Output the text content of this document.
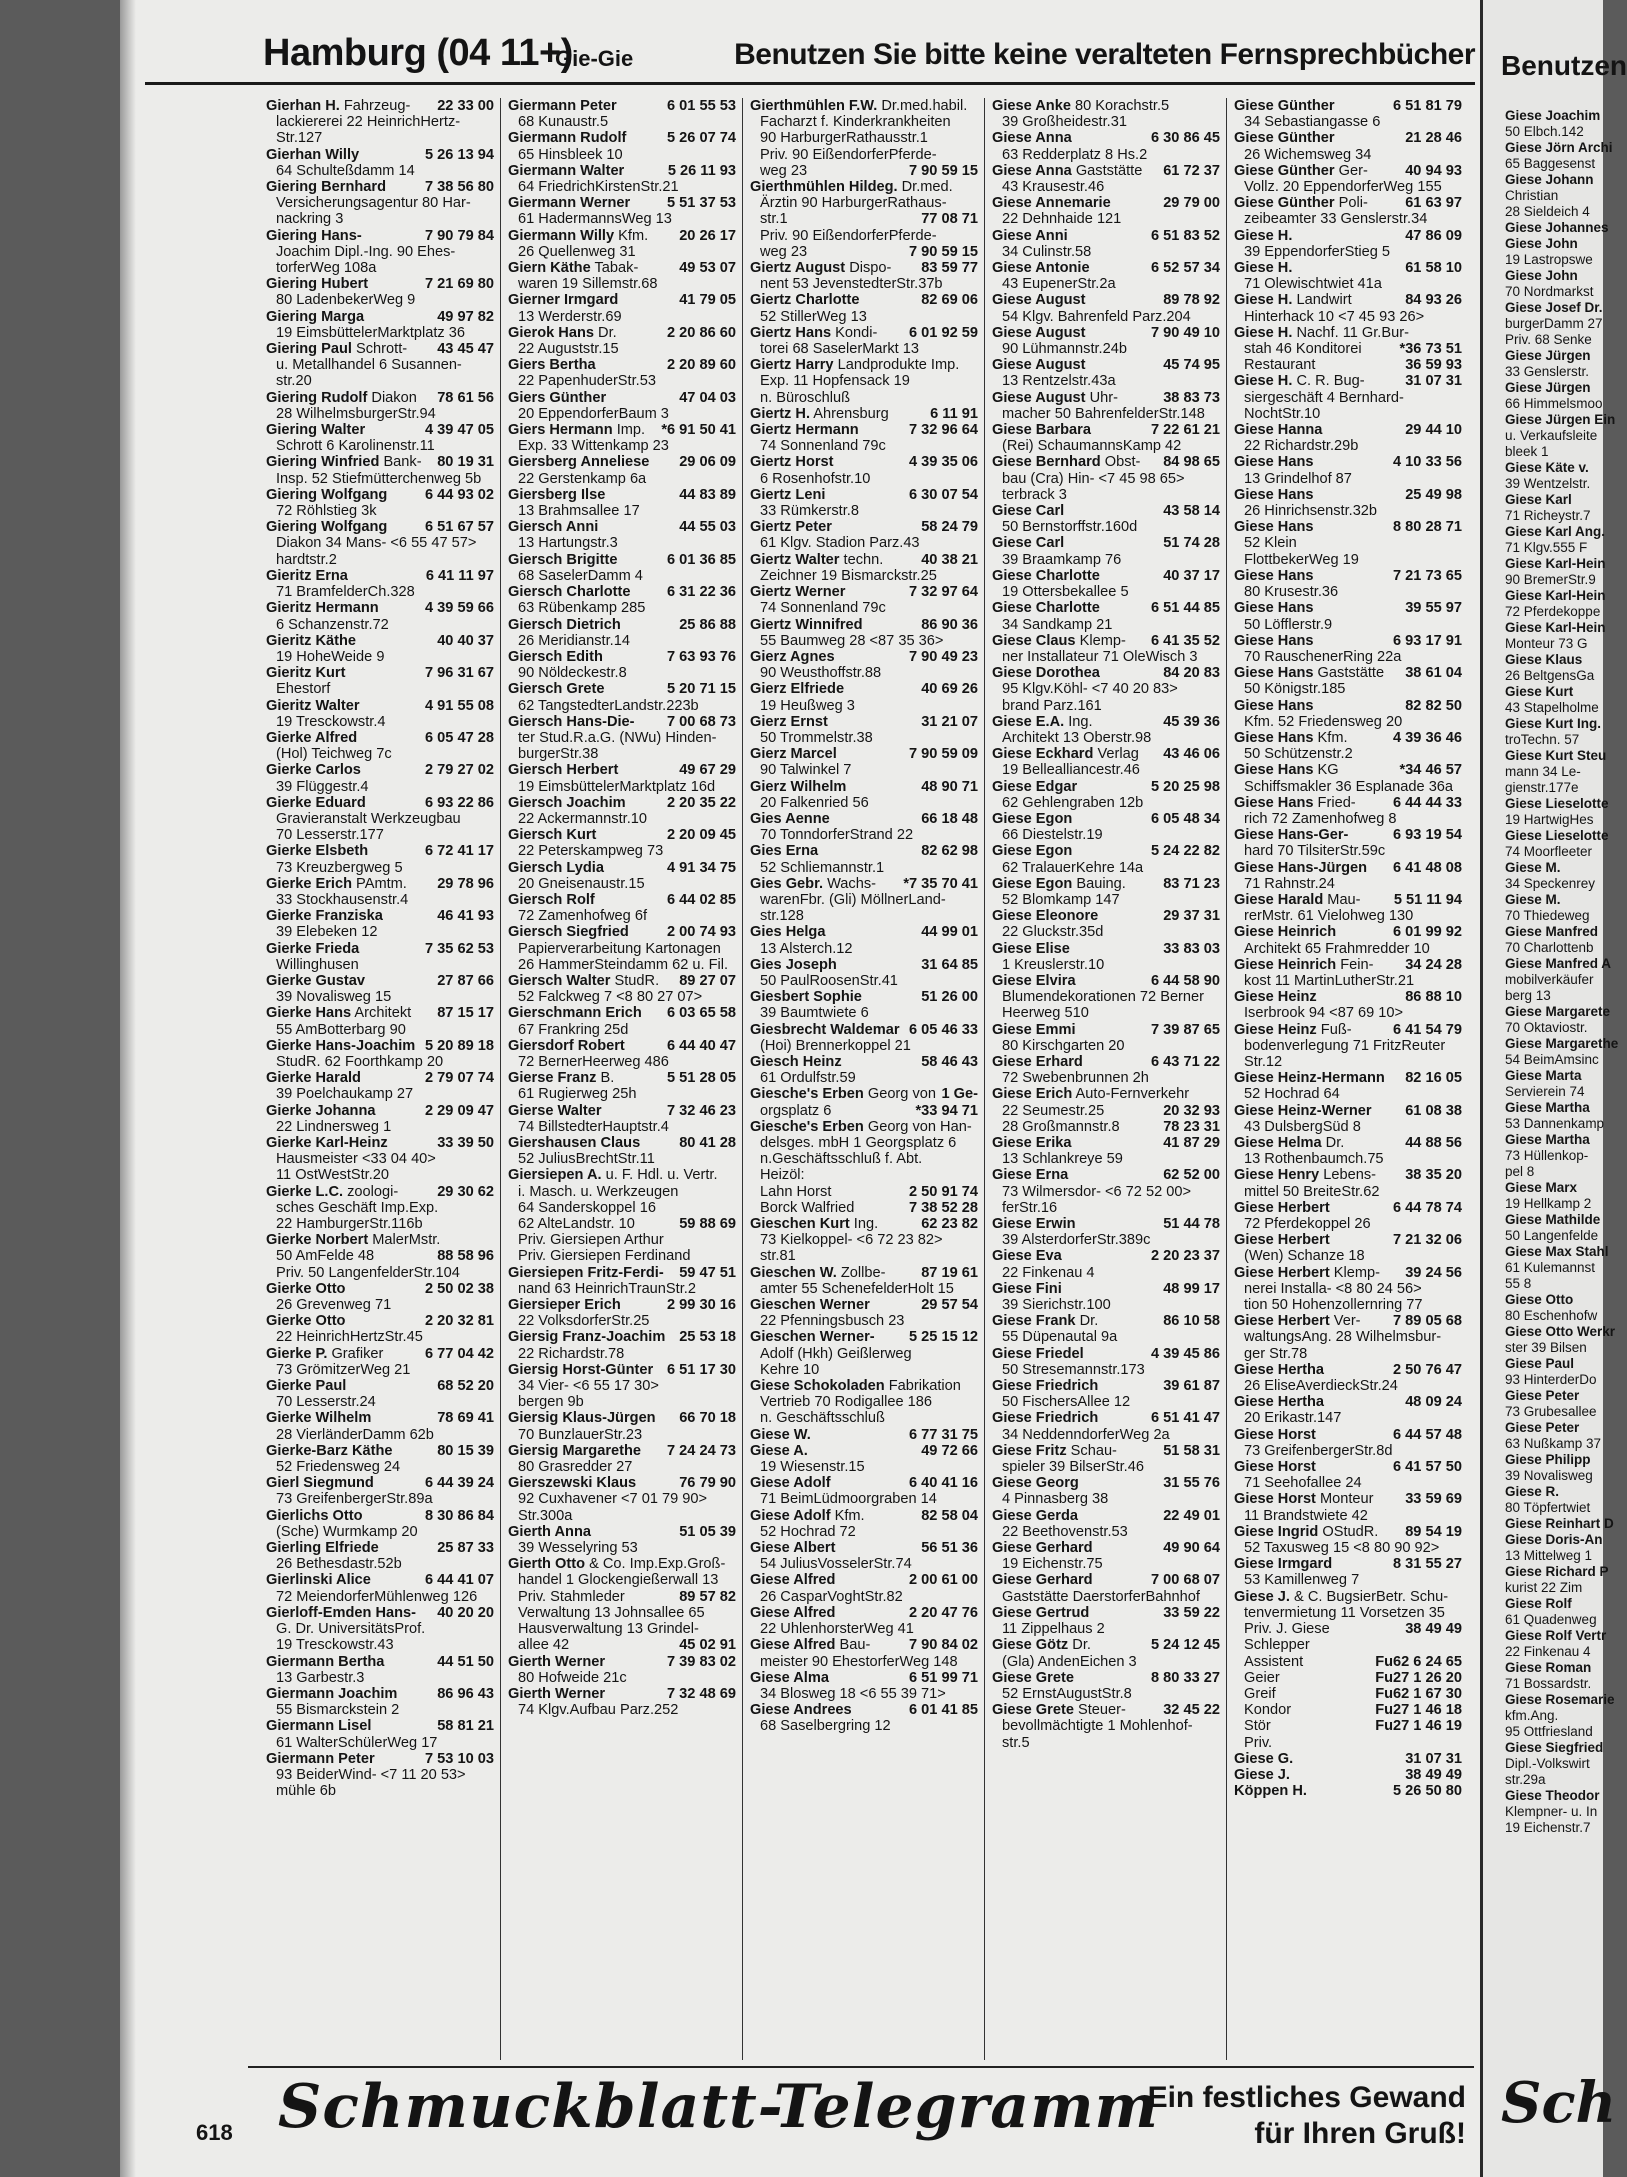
Hamburg (04 11+)
Gie-Gie	Benutzen Sie bitte keine veralteten Fernsprechbücher
Gierhan H. Fahrzeug- 22 33 00
lackiererei 22 HeinrichHertz-
Str.127
Gierhan Willy	5 26 13 94
64 Schulteßdamm 14
Giering Bernhard	7 38 56 80
Versicherungsagentur 80 Har-
nackring 3
Giering Hans-	7 90 79 84
Joachim Dipl.-Ing. 90 Ehes-
torferWeg 108a
Giering Hubert	7 21 69 80
80 LadenbekerWeg 9
Giering Marga	49 97 82
19 EimsbüttelerMarktplatz 36
Giering Paul Schrott- 43 45 47
u. Metallhandel 6 Susannen-
str.20
Giering Rudolf Diakon 78 61 56
28 WilhelmsburgerStr.94
Giering Walter	4 39 47 05
Schrott 6 Karolinenstr.11
Giering Winfried Bank- 80 19 31
Insp. 52 Stiefmütterchenweg 5b
Giering Wolfgang	6 44 93 02
72 Röhlstieg 3k
Giering Wolfgang	6 51 67 57
Diakon 34 Mans- <6 55 47 57>
hardtstr.2
Gieritz Erna	6 41 11 97
71 BramfelderCh.328
Gieritz Hermann	4 39 59 66
6 Schanzenstr.72
Gieritz Käthe	40 40 37
19 HoheWeide 9
Gieritz Kurt	7 96 31 67
Ehestorf
Gieritz Walter	4 91 55 08
19 Tresckowstr.4
Gierke Alfred	6 05 47 28
(Hol) Teichweg 7c
Gierke Carlos	2 79 27 02
39 Flüggestr.4
Gierke Eduard	6 93 22 86
Gravieranstalt Werkzeugbau
70 Lesserstr.177
Gierke Elsbeth	6 72 41 17
73 Kreuzbergweg 5
Gierke Erich PAmtm. 29 78 96
33 Stockhausenstr.4
Gierke Franziska	46 41 93
39 Elebeken 12
Gierke Frieda	7 35 62 53
Willinghusen
Gierke Gustav	27 87 66
39 Novalisweg 15
Gierke Hans Architekt 87 15 17
55 AmBotterbarg 90
Gierke Hans-Joachim 5 20 89 18
StudR. 62 Foorthkamp 20
Gierke Harald	2 79 07 74
39 Poelchaukamp 27
Gierke Johanna	2 29 09 47
22 Lindnersweg 1
Gierke Karl-Heinz	33 39 50
Hausmeister <33 04 40>
11 OstWestStr.20
Gierke L.C. zoologi-	29 30 62
sches Geschäft Imp.Exp.
22 HamburgerStr.116b
Gierke Norbert MalerMstr.
50 AmFelde 48	88 58 96
Priv. 50 LangenfelderStr.104
Gierke Otto	2 50 02 38
26 Grevenweg 71
Gierke Otto	2 20 32 81
22 HeinrichHertzStr.45
Gierke P. Grafiker	6 77 04 42
73 GrömitzerWeg 21
Gierke Paul	68 52 20
70 Lesserstr.24
Gierke Wilhelm	78 69 41
28 VierländerDamm 62b
Gierke-Barz Käthe	80 15 39
52 Friedensweg 24
Gierl Siegmund	6 44 39 24
73 GreifenbergerStr.89a
Gierlichs Otto	8 30 86 84
(Sche) Wurmkamp 20
Gierling Elfriede	25 87 33
26 Bethesdastr.52b
Gierlinski Alice	6 44 41 07
72 MeiendorferMühlenweg 126
Gierloff-Emden Hans- 40 20 20
G. Dr. UniversitätsProf.
19 Tresckowstr.43
Giermann Bertha	44 51 50
13 Garbestr.3
Giermann Joachim	86 96 43
55 Bismarckstein 2
Giermann Lisel	58 81 21
61 WalterSchülerWeg 17
Giermann Peter	7 53 10 03
93 BeiderWind- <7 11 20 53>
mühle 6b
Giermann Peter	6 01 55 53
68 Kunaustr.5
Giermann Rudolf	5 26 07 74
65 Hinsbleek 10
Giermann Walter	5 26 11 93
64 FriedrichKirstenStr.21
Giermann Werner	5 51 37 53
61 HadermannsWeg 13
Giermann Willy Kfm. 20 26 17
26 Quellenweg 31
Giern Käthe Tabak-	49 53 07
waren 19 Sillemstr.68
Gierner Irmgard	41 79 05
13 Werderstr.69
Gierok Hans Dr.	2 20 86 60
22 Auguststr.15
Giers Bertha	2 20 89 60
22 PapenhuderStr.53
Giers Günther	47 04 03
20 EppendorferBaum 3
Giers Hermann Imp. *6 91 50 41
Exp. 33 Wittenkamp 23
Giersberg Anneliese 29 06 09
22 Gerstenkamp 6a
Giersberg Ilse	44 83 89
13 Brahmsallee 17
Giersch Anni	44 55 03
13 Hartungstr.3
Giersch Brigitte	6 01 36 85
68 SaselerDamm 4
Giersch Charlotte	6 31 22 36
63 Rübenkamp 285
Giersch Dietrich	25 86 88
26 Meridianstr.14
Giersch Edith	7 63 93 76
90 Nöldeckestr.8
Giersch Grete	5 20 71 15
62 TangstedterLandstr.223b
Giersch Hans-Die- 7 00 68 73
ter Stud.R.a.G. (NWu) Hinden-
burgerStr.38
Giersch Herbert	49 67 29
19 EimsbüttelerMarktplatz 16d
Giersch Joachim	2 20 35 22
22 Ackermannstr.10
Giersch Kurt	2 20 09 45
22 Peterskampweg 73
Giersch Lydia	4 91 34 75
20 Gneisenaustr.15
Giersch Rolf	6 44 02 85
72 Zamenhofweg 6f
Giersch Siegfried	2 00 74 93
Papierverarbeitung Kartonagen
26 HammerSteindamm 62 u. Fil.
Giersch Walter StudR. 89 27 07
52 Falckweg 7 <8 80 27 07>
Gierschmann Erich 6 03 65 58
67 Frankring 25d
Giersdorf Robert	6 44 40 47
72 BernerHeerweg 486
Gierse Franz B.	5 51 28 05
61 Rugierweg 25h
Gierse Walter	7 32 46 23
74 BillstedterHauptstr.4
Giershausen Claus	80 41 28
52 JuliusBrechtStr.11
Giersiepen A. u. F. Hdl. u. Vertr.
i. Masch. u. Werkzeugen
64 Sanderskoppel 16
62 AlteLandstr. 10	59 88 69
Priv. Giersiepen Arthur
Priv. Giersiepen Ferdinand
Giersiepen Fritz-Ferdi- 59 47 51
nand 63 HeinrichTraunStr.2
Giersieper Erich	2 99 30 16
22 VolksdorferStr.25
Giersig Franz-Joachim 25 53 18
22 Richardstr.78
Giersig Horst-Günter 6 51 17 30
34 Vier- <6 55 17 30>
bergen 9b
Giersig Klaus-Jürgen 66 70 18
70 BunzlauerStr.23
Giersig Margarethe 7 24 24 73
80 Grasredder 27
Gierszewski Klaus	76 79 90
92 Cuxhavener <7 01 79 90>
Str.300a
Gierth Anna	51 05 39
39 Wesselyring 53
Gierth Otto & Co. Imp.Exp.Groß-
handel 1 Glockengießerwall 13
Priv. Stahmleder	89 57 82
Verwaltung 13 Johnsallee 65
Hausverwaltung 13 Grindel-
allee 42	45 02 91
Gierth Werner	7 39 83 02
80 Hofweide 21c
Gierth Werner	7 32 48 69
74 Klgv.Aufbau Parz.252
Gierthmühlen F.W. Dr.med.habil.
Facharzt f. Kinderkrankheiten
90 HarburgerRathausstr.1
Priv. 90 EißendorferPferde-
weg 23	7 90 59 15
Gierthmühlen Hildeg. Dr.med.
Ärztin 90 HarburgerRathaus-
str.1	77 08 71
Priv. 90 EißendorferPferde-
weg 23	7 90 59 15
Giertz August Dispo- 83 59 77
nent 53 JevenstedterStr.37b
Giertz Charlotte	82 69 06
52 StillerWeg 13
Giertz Hans Kondi- 6 01 92 59
torei 68 SaselerMarkt 13
Giertz Harry Landprodukte Imp.
Exp. 11 Hopfensack 19
n. Büroschluß
Giertz H. Ahrensburg	6 11 91
Giertz Hermann	7 32 96 64
74 Sonnenland 79c
Giertz Horst	4 39 35 06
6 Rosenhofstr.10
Giertz Leni	6 30 07 54
33 Rümkerstr.8
Giertz Peter	58 24 79
61 Klgv. Stadion Parz.43
Giertz Walter techn.	40 38 21
Zeichner 19 Bismarckstr.25
Giertz Werner	7 32 97 64
74 Sonnenland 79c
Giertz Winnifred	86 90 36
55 Baumweg 28 <87 35 36>
Gierz Agnes	7 90 49 23
90 Weusthoffstr.88
Gierz Elfriede	40 69 26
19 Heußweg 3
Gierz Ernst	31 21 07
50 Trommelstr.38
Gierz Marcel	7 90 59 09
90 Talwinkel 7
Gierz Wilhelm	48 90 71
20 Falkenried 56
Gies Aenne	66 18 48
70 TonndorferStrand 22
Gies Erna	82 62 98
52 Schliemannstr.1
Gies Gebr. Wachs- *7 35 70 41
warenFbr. (Gli) MöllnerLand-
str.128
Gies Helga	44 99 01
13 Alsterch.12
Gies Joseph	31 64 85
50 PaulRoosenStr.41
Giesbert Sophie	51 26 00
39 Baumtwiete 6
Giesbrecht Waldemar 6 05 46 33
(Hoi) Brennerkoppel 21
Giesch Heinz	58 46 43
61 Ordulfstr.59
Giesche's Erben Georg von 1 Ge-
orgsplatz 6	*33 94 71
Giesche's Erben Georg von Han-
delsges. mbH 1 Georgsplatz 6
n.Geschäftsschluß f. Abt.
Heizöl:
Lahn Horst	2 50 91 74
Borck Walfried	7 38 52 28
Gieschen Kurt Ing.	62 23 82
73 Kielkoppel- <6 72 23 82>
str.81
Gieschen W. Zollbe- 87 19 61
amter 55 SchenefelderHolt 15
Gieschen Werner	29 57 54
22 Pfenningsbusch 23
Gieschen Werner- 5 25 15 12
Adolf (Hkh) Geißlerweg
Kehre 10
Giese Schokoladen Fabrikation
Vertrieb 70 Rodigallee 186
n. Geschäftsschluß
Giese W.	6 77 31 75
Giese A.	49 72 66
19 Wiesenstr.15
Giese Adolf	6 40 41 16
71 BeimLüdmoorgraben 14
Giese Adolf Kfm.	82 58 04
52 Hochrad 72
Giese Albert	56 51 36
54 JuliusVosselerStr.74
Giese Alfred	2 00 61 00
26 CasparVoghtStr.82
Giese Alfred	2 20 47 76
22 UhlenhorsterWeg 41
Giese Alfred Bau-	7 90 84 02
meister 90 EhestorferWeg 148
Giese Alma	6 51 99 71
34 Blosweg 18 <6 55 39 71>
Giese Andrees	6 01 41 85
68 Saselbergring 12
Giese Anke 80 Korachstr.5
39 Großheidestr.31
Giese Anna	6 30 86 45
63 Redderplatz 8 Hs.2
Giese Anna Gaststätte 61 72 37
43 Krausestr.46
Giese Annemarie	29 79 00
22 Dehnhaide 121
Giese Anni	6 51 83 52
34 Culinstr.58
Giese Antonie	6 52 57 34
43 EupenerStr.2a
Giese August	89 78 92
54 Klgv. Bahrenfeld Parz.204
Giese August	7 90 49 10
90 Lühmannstr.24b
Giese August	45 74 95
13 Rentzelstr.43a
Giese August Uhr-	38 83 73
macher 50 BahrenfelderStr.148
Giese Barbara	7 22 61 21
(Rei) SchaumannsKamp 42
Giese Bernhard Obst- 84 98 65
bau (Cra) Hin- <7 45 98 65>
terbrack 3
Giese Carl	43 58 14
50 Bernstorffstr.160d
Giese Carl	51 74 28
39 Braamkamp 76
Giese Charlotte	40 37 17
19 Ottersbekallee 5
Giese Charlotte	6 51 44 85
34 Sandkamp 21
Giese Claus Klemp- 6 41 35 52
ner Installateur 71 OleWisch 3
Giese Dorothea	84 20 83
95 Klgv.Köhl- <7 40 20 83>
brand Parz.161
Giese E.A. Ing.	45 39 36
Architekt 13 Oberstr.98
Giese Eckhard Verlag 43 46 06
19 Bellealliancestr.46
Giese Edgar	5 20 25 98
62 Gehlengraben 12b
Giese Egon	6 05 48 34
66 Diestelstr.19
Giese Egon	5 24 22 82
62 TralauerKehre 14a
Giese Egon Bauing.	83 71 23
52 Blomkamp 147
Giese Eleonore	29 37 31
22 Gluckstr.35d
Giese Elise	33 83 03
1 Kreuslerstr.10
Giese Elvira	6 44 58 90
Blumendekorationen 72 Berner
Heerweg 510
Giese Emmi	7 39 87 65
80 Kirschgarten 20
Giese Erhard	6 43 71 22
72 Swebenbrunnen 2h
Giese Erich Auto-Fernverkehr
22 Seumestr.25	20 32 93
28 Großmannstr.8	78 23 31
Giese Erika	41 87 29
13 Schlankreye 59
Giese Erna	62 52 00
73 Wilmersdor- <6 72 52 00>
ferStr.16
Giese Erwin	51 44 78
39 AlsterdorferStr.389c
Giese Eva	2 20 23 37
22 Finkenau 4
Giese Fini	48 99 17
39 Sierichstr.100
Giese Frank Dr.	86 10 58
55 Düpenautal 9a
Giese Friedel	4 39 45 86
50 Stresemannstr.173
Giese Friedrich	39 61 87
50 FischersAllee 12
Giese Friedrich	6 51 41 47
34 NeddenndorferWeg 2a
Giese Fritz Schau-	51 58 31
spieler 39 BilserStr.46
Giese Georg	31 55 76
4 Pinnasberg 38
Giese Gerda	22 49 01
22 Beethovenstr.53
Giese Gerhard	49 90 64
19 Eichenstr.75
Giese Gerhard	7 00 68 07
Gaststätte DaerstorferBahnhof
Giese Gertrud	33 59 22
11 Zippelhaus 2
Giese Götz Dr.	5 24 12 45
(Gla) AndenEichen 3
Giese Grete	8 80 33 27
52 ErnstAugustStr.8
Giese Grete Steuer-	32 45 22
bevollmächtigte 1 Mohlenhof-
str.5
Giese Günther	6 51 81 79
34 Sebastiangasse 6
Giese Günther	21 28 46
26 Wichemsweg 34
Giese Günther Ger-	40 94 93
Vollz. 20 EppendorferWeg 155
Giese Günther Poli-	61 63 97
zeibeamter 33 Genslerstr.34
Giese H.	47 86 09
39 EppendorferStieg 5
Giese H.	61 58 10
71 Olewischtwiet 41a
Giese H. Landwirt	84 93 26
Hinterhack 10 <7 45 93 26>
Giese H. Nachf. 11 Gr.Bur-
stah 46 Konditorei	*36 73 51
Restaurant	36 59 93
Giese H. C. R. Bug-	31 07 31
siergeschäft 4 Bernhard-
NochtStr.10
Giese Hanna	29 44 10
22 Richardstr.29b
Giese Hans	4 10 33 56
13 Grindelhof 87
Giese Hans	25 49 98
26 Hinrichsenstr.32b
Giese Hans	8 80 28 71
52 Klein
FlottbekerWeg 19
Giese Hans	7 21 73 65
80 Krusestr.36
Giese Hans	39 55 97
50 Löfflerstr.9
Giese Hans	6 93 17 91
70 RauschenerRing 22a
Giese Hans Gaststätte 38 61 04
50 Königstr.185
Giese Hans	82 82 50
Kfm. 52 Friedensweg 20
Giese Hans Kfm.	4 39 36 46
50 Schützenstr.2
Giese Hans KG	*34 46 57
Schiffsmakler 36 Esplanade 36a
Giese Hans Fried-	6 44 44 33
rich 72 Zamenhofweg 8
Giese Hans-Ger-	6 93 19 54
hard 70 TilsiterStr.59c
Giese Hans-Jürgen 6 41 48 08
71 Rahnstr.24
Giese Harald Mau- 5 51 11 94
rerMstr. 61 Vielohweg 130
Giese Heinrich	6 01 99 92
Architekt 65 Frahmredder 10
Giese Heinrich Fein- 34 24 28
kost 11 MartinLutherStr.21
Giese Heinz	86 88 10
Iserbrook 94 <87 69 10>
Giese Heinz Fuß-	6 41 54 79
bodenverlegung 71 FritzReuter
Str.12
Giese Heinz-Hermann 82 16 05
52 Hochrad 64
Giese Heinz-Werner 61 08 38
43 DulsbergSüd 8
Giese Helma Dr.	44 88 56
13 Rothenbaumch.75
Giese Henry Lebens- 38 35 20
mittel 50 BreiteStr.62
Giese Herbert	6 44 78 74
72 Pferdekoppel 26
Giese Herbert	7 21 32 06
(Wen) Schanze 18
Giese Herbert Klemp- 39 24 56
nerei Installa- <8 80 24 56>
tion 50 Hohenzollernring 77
Giese Herbert Ver- 7 89 05 68
waltungsAng. 28 Wilhelmsbur-
ger Str.78
Giese Hertha	2 50 76 47
26 EliseAverdieckStr.24
Giese Hertha	48 09 24
20 Erikastr.147
Giese Horst	6 44 57 48
73 GreifenbergerStr.8d
Giese Horst	6 41 57 50
71 Seehofallee 24
Giese Horst Monteur 33 59 69
11 Brandstwiete 42
Giese Ingrid OStudR. 89 54 19
52 Taxusweg 15 <8 80 90 92>
Giese Irmgard	8 31 55 27
53 Kamillenweg 7
Giese J. & C. BugsierBetr. Schu-
tenvermietung 11 Vorsetzen 35
Priv. J. Giese	38 49 49
Schlepper
Assistent	Fu62 6 24 65
Geier	Fu27 1 26 20
Greif	Fu62 1 67 30
Kondor	Fu27 1 46 18
Stör	Fu27 1 46 19
Priv.
Giese G.	31 07 31
Giese J.	38 49 49
Köppen H.	5 26 50 80
Schmuckblatt-Telegramm
Ein festliches Gewand
für Ihren Gruß!
618
Benutzen
Giese Joachim
50 Elbch.142
Giese Jörn Archi
65 Baggesenst
Giese Johann
Christian
28 Sieldeich 4
Giese Johannes
Giese John
19 Lastropswe
Giese John
70 Nordmarkst
Giese Josef Dr.
burgerDamm 27
Priv. 68 Senke
Giese Jürgen
33 Genslerstr.
Giese Jürgen
66 Himmelsmoo
Giese Jürgen Ein
u. Verkaufsleite
bleek 1
Giese Käte v.
39 Wentzelstr.
Giese Karl
71 Richeystr.7
Giese Karl Ang.
71 Klgv.555 F
Giese Karl-Hein
90 BremerStr.9
Giese Karl-Hein
72 Pferdekoppe
Giese Karl-Hein
Monteur 73 G
Giese Klaus
26 BeltgensGa
Giese Kurt
43 Stapelholme
Giese Kurt Ing.
troTechn. 57
Giese Kurt Steu
mann 34 Le-
gienstr.177e
Giese Lieselotte
19 HartwigHes
Giese Lieselotte
74 Moorfleeter
Giese M.
34 Speckenrey
Giese M.
70 Thiedeweg
Giese Manfred
70 Charlottenb
Giese Manfred A
mobilverkäufer
berg 13
Giese Margarete
70 Oktaviostr.
Giese Margarethe
54 BeimAmsinc
Giese Marta
Servierein 74
Giese Martha
53 Dannenkamp
Giese Martha
73 Hüllenkop-
pel 8
Giese Marx
19 Hellkamp 2
Giese Mathilde
50 Langenfelde
Giese Max Stahl
61 Kulemannst
55 8
Giese Otto
80 Eschenhofw
Giese Otto Werkr
ster 39 Bilsen
Giese Paul
93 HinterderDo
Giese Peter
73 Grubesallee
Giese Peter
63 Nußkamp 37
Giese Philipp
39 Novalisweg
Giese R.
80 Töpfertwiet
Giese Reinhart D
Giese Doris-An
13 Mittelweg 1
Giese Richard P
kurist 22 Zim
Giese Rolf
61 Quadenweg
Giese Rolf Vertr
22 Finkenau 4
Giese Roman
71 Bossardstr.
Giese Rosemarie
kfm.Ang.
95 Ottfriesland
Giese Siegfried
Dipl.-Volkswirt
str.29a
Giese Theodor
Klempner- u. In
19 Eichenstr.7
Sch
